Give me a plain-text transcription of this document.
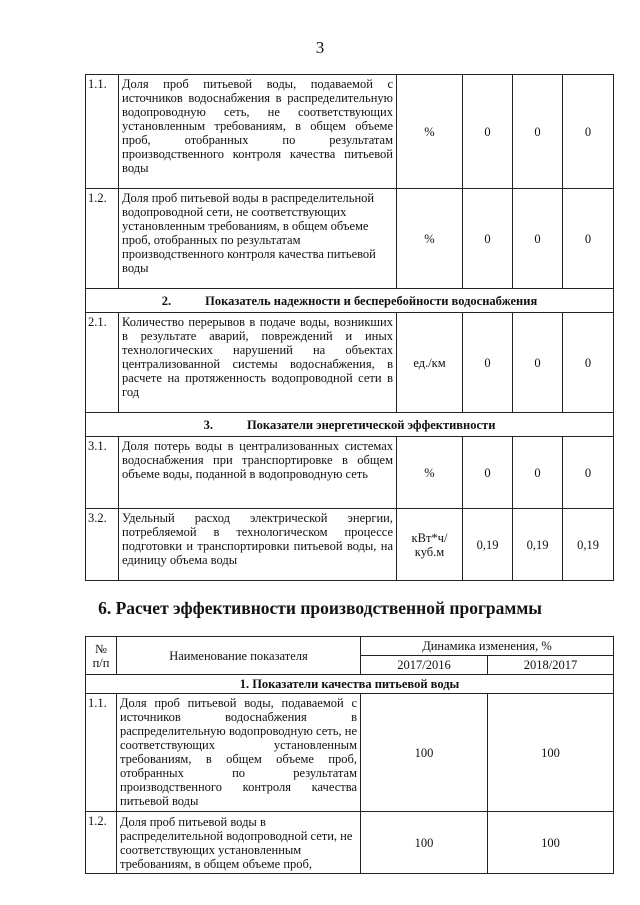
3
1.1.	Доля проб питьевой воды, подаваемой с источников водоснабжения в распределительную водопроводную сеть, не соответствующих установленным требованиям, в общем объеме проб, отобранных по результатам производственного контроля качества питьевой воды	%	0	0	0
1.2.	Доля проб питьевой воды в распределительной водопроводной сети, не соответствующих установленным требованиям, в общем объеме проб, отобранных по результатам производственного контроля качества питьевой воды	%	0	0	0
2. Показатель надежности и бесперебойности водоснабжения					
2.1.	Количество перерывов в подаче воды, возникших в результате аварий, повреждений и иных технологических нарушений на объектах централизованной системы водоснабжения, в расчете на протяженность водопроводной сети в год	ед./км	0	0	0
3. Показатели энергетической эффективности					
3.1.	Доля потерь воды в централизованных системах водоснабжения при транспортировке в общем объеме воды, поданной в водопроводную сеть	%	0	0	0
3.2.	Удельный расход электрической энергии, потребляемой в технологическом процессе подготовки и транспортировки питьевой воды, на единицу объема воды	кВт*ч/ куб.м	0,19	0,19	0,19
6. Расчет эффективности производственной программы
№ п/п	Наименование показателя	Динамика изменения, %	
		2017/2016	2018/2017
1. Показатели качества питьевой воды			
1.1.	Доля проб питьевой воды, подаваемой с источников водоснабжения в распределительную водопроводную сеть, не соответствующих установленным требованиям, в общем объеме проб, отобранных по результатам производственного контроля качества питьевой воды	100	100
1.2.	Доля проб питьевой воды в распределительной водопроводной сети, не соответствующих установленным требованиям, в общем объеме проб,	100	100
